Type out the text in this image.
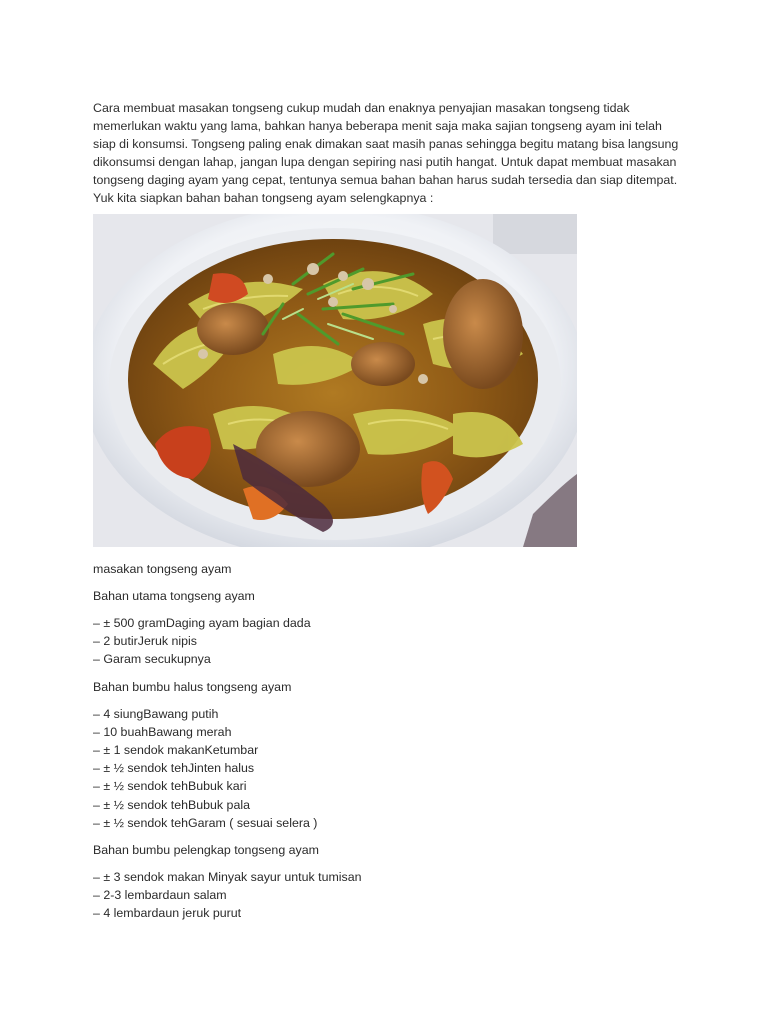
Cara membuat masakan tongseng cukup mudah dan enaknya penyajian masakan tongseng tidak memerlukan waktu yang lama, bahkan hanya beberapa menit saja maka sajian tongseng ayam ini telah siap di konsumsi. Tongseng paling enak dimakan saat masih panas sehingga begitu matang bisa langsung dikonsumsi dengan lahap, jangan lupa dengan sepiring nasi putih hangat. Untuk dapat membuat masakan tongseng daging ayam yang cepat, tentunya semua bahan bahan harus sudah tersedia dan siap ditempat. Yuk kita siapkan bahan bahan tongseng ayam selengkapnya :

masakan tongseng ayam

Bahan utama tongseng ayam

– ± 500 gramDaging ayam bagian dada
– 2 butirJeruk nipis
– Garam secukupnya

Bahan bumbu halus tongseng ayam

– 4 siungBawang putih
– 10 buahBawang merah
– ± 1 sendok makanKetumbar
– ± ½ sendok tehJinten halus
– ± ½ sendok tehBubuk kari
– ± ½ sendok tehBubuk pala
– ± ½ sendok tehGaram ( sesuai selera )

Bahan bumbu pelengkap tongseng ayam

– ± 3 sendok makan Minyak sayur untuk tumisan
– 2-3 lembardaun salam
– 4 lembardaun jeruk purut
